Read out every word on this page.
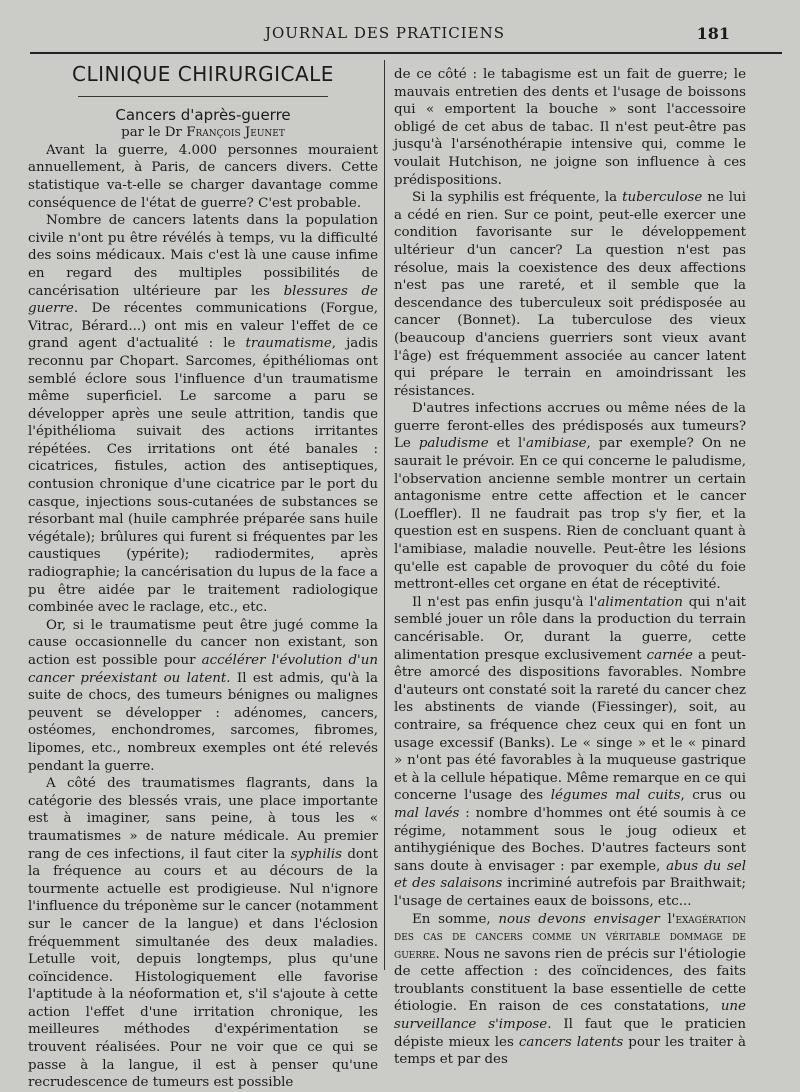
JOURNAL DES PRATICIENS	181
CLINIQUE CHIRURGICALE
Cancers d'après-guerre

par le Dr François Jeunet

Avant la guerre, 4.000 personnes mouraient annuellement, à Paris, de cancers divers. Cette statistique va-t-elle se charger davantage comme conséquence de l'état de guerre? C'est probable.

Nombre de cancers latents dans la population civile n'ont pu être révélés à temps, vu la difficulté des soins médicaux. Mais c'est là une cause infime en regard des multiples possibilités de cancérisation ultérieure par les blessures de guerre. De récentes communications (Forgue, Vitrac, Bérard...) ont mis en valeur l'effet de ce grand agent d'actualité : le traumatisme, jadis reconnu par Chopart. Sarcomes, épithéliomas ont semblé éclore sous l'influence d'un traumatisme même superficiel. Le sarcome a paru se développer après une seule attrition, tandis que l'épithélioma suivait des actions irritantes répétées. Ces irritations ont été banales : cicatrices, fistules, action des antiseptiques, contusion chronique d'une cicatrice par le port du casque, injections sous-cutanées de substances se résorbant mal (huile camphrée préparée sans huile végétale); brûlures qui furent si fréquentes par les caustiques (ypérite); radiodermites, après radiographie; la cancérisation du lupus de la face a pu être aidée par le traitement radiologique combinée avec le raclage, etc., etc.

Or, si le traumatisme peut être jugé comme la cause occasionnelle du cancer non existant, son action est possible pour accélérer l'évolution d'un cancer préexistant ou latent. Il est admis, qu'à la suite de chocs, des tumeurs bénignes ou malignes peuvent se développer : adénomes, cancers, ostéomes, enchondromes, sarcomes, fibromes, lipomes, etc., nombreux exemples ont été relevés pendant la guerre.

A côté des traumatismes flagrants, dans la catégorie des blessés vrais, une place importante est à imaginer, sans peine, à tous les « traumatismes » de nature médicale. Au premier rang de ces infections, il faut citer la syphilis dont la fréquence au cours et au décours de la tourmente actuelle est prodigieuse. Nul n'ignore l'influence du tréponème sur le cancer (notamment sur le cancer de la langue) et dans l'éclosion fréquemment simultanée des deux maladies. Letulle voit, depuis longtemps, plus qu'une coïncidence. Histologiquement elle favorise l'aptitude à la néoformation et, s'il s'ajoute à cette action l'effet d'une irritation chronique, les meilleures méthodes d'expérimentation se trouvent réalisées. Pour ne voir que ce qui se passe à la langue, il est à penser qu'une recrudescence de tumeurs est possible

de ce côté : le tabagisme est un fait de guerre; le mauvais entretien des dents et l'usage de boissons qui « emportent la bouche » sont l'accessoire obligé de cet abus de tabac. Il n'est peut-être pas jusqu'à l'arsénothérapie intensive qui, comme le voulait Hutchison, ne joigne son influence à ces prédispositions.

Si la syphilis est fréquente, la tuberculose ne lui a cédé en rien. Sur ce point, peut-elle exercer une condition favorisante sur le développement ultérieur d'un cancer? La question n'est pas résolue, mais la coexistence des deux affections n'est pas une rareté, et il semble que la descendance des tuberculeux soit prédisposée au cancer (Bonnet). La tuberculose des vieux (beaucoup d'anciens guerriers sont vieux avant l'âge) est fréquemment associée au cancer latent qui prépare le terrain en amoindrissant les résistances.

D'autres infections accrues ou même nées de la guerre feront-elles des prédisposés aux tumeurs? Le paludisme et l'amibiase, par exemple? On ne saurait le prévoir. En ce qui concerne le paludisme, l'observation ancienne semble montrer un certain antagonisme entre cette affection et le cancer (Loeffler). Il ne faudrait pas trop s'y fier, et la question est en suspens. Rien de concluant quant à l'amibiase, maladie nouvelle. Peut-être les lésions qu'elle est capable de provoquer du côté du foie mettront-elles cet organe en état de réceptivité.

Il n'est pas enfin jusqu'à l'alimentation qui n'ait semblé jouer un rôle dans la production du terrain cancérisable. Or, durant la guerre, cette alimentation presque exclusivement carnée a peut-être amorcé des dispositions favorables. Nombre d'auteurs ont constaté soit la rareté du cancer chez les abstinents de viande (Fiessinger), soit, au contraire, sa fréquence chez ceux qui en font un usage excessif (Banks). Le « singe » et le « pinard » n'ont pas été favorables à la muqueuse gastrique et à la cellule hépatique. Même remarque en ce qui concerne l'usage des légumes mal cuits, crus ou mal lavés : nombre d'hommes ont été soumis à ce régime, notamment sous le joug odieux et antihygiénique des Boches. D'autres facteurs sont sans doute à envisager : par exemple, abus du sel et des salaisons incriminé autrefois par Braithwait; l'usage de certaines eaux de boissons, etc...

En somme, nous devons envisager l'exagération des cas de cancers comme un véritable dommage de guerre. Nous ne savons rien de précis sur l'étiologie de cette affection : des coïncidences, des faits troublants constituent la base essentielle de cette étiologie. En raison de ces constatations, une surveillance s'impose. Il faut que le praticien dépiste mieux les cancers latents pour les traiter à temps et par des
